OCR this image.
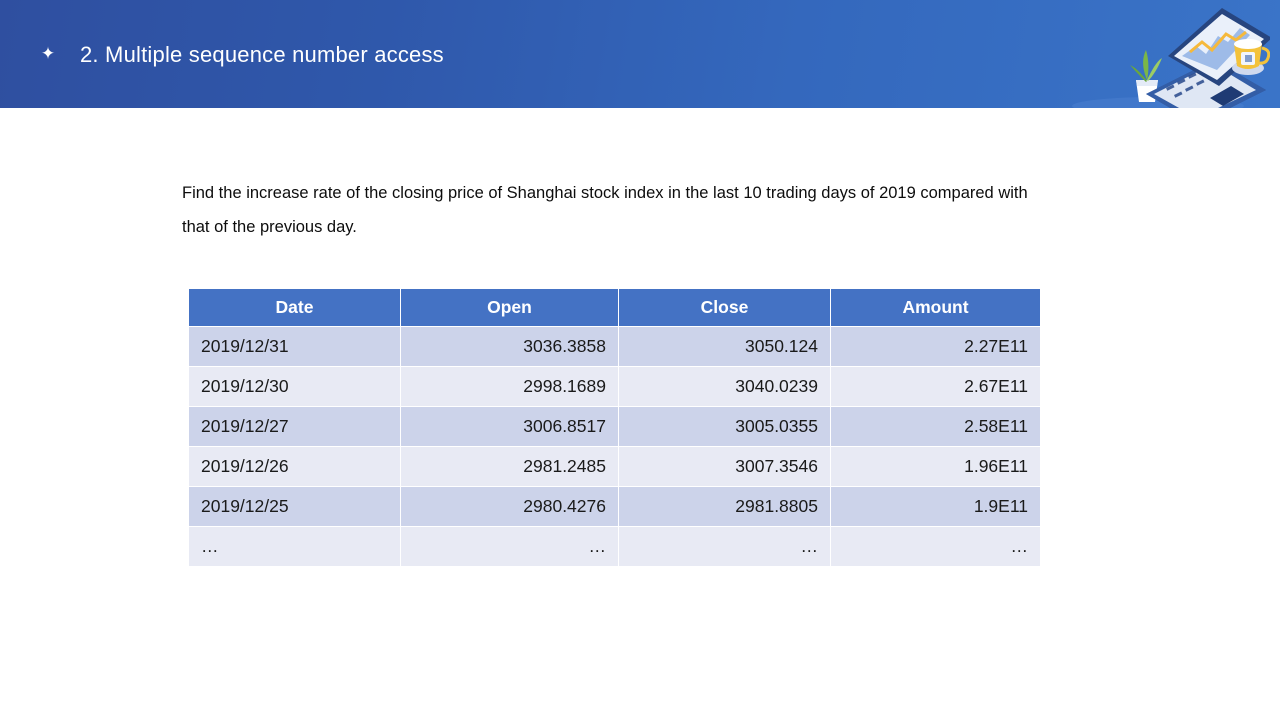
✦ 2. Multiple sequence number access
Find the increase rate of the closing price of Shanghai stock index in the last 10 trading days of 2019 compared with that of the previous day.
Date	Open	Close	Amount
2019/12/31	3036.3858	3050.124	2.27E11
2019/12/30	2998.1689	3040.0239	2.67E11
2019/12/27	3006.8517	3005.0355	2.58E11
2019/12/26	2981.2485	3007.3546	1.96E11
2019/12/25	2980.4276	2981.8805	1.9E11
…	…	…	…
